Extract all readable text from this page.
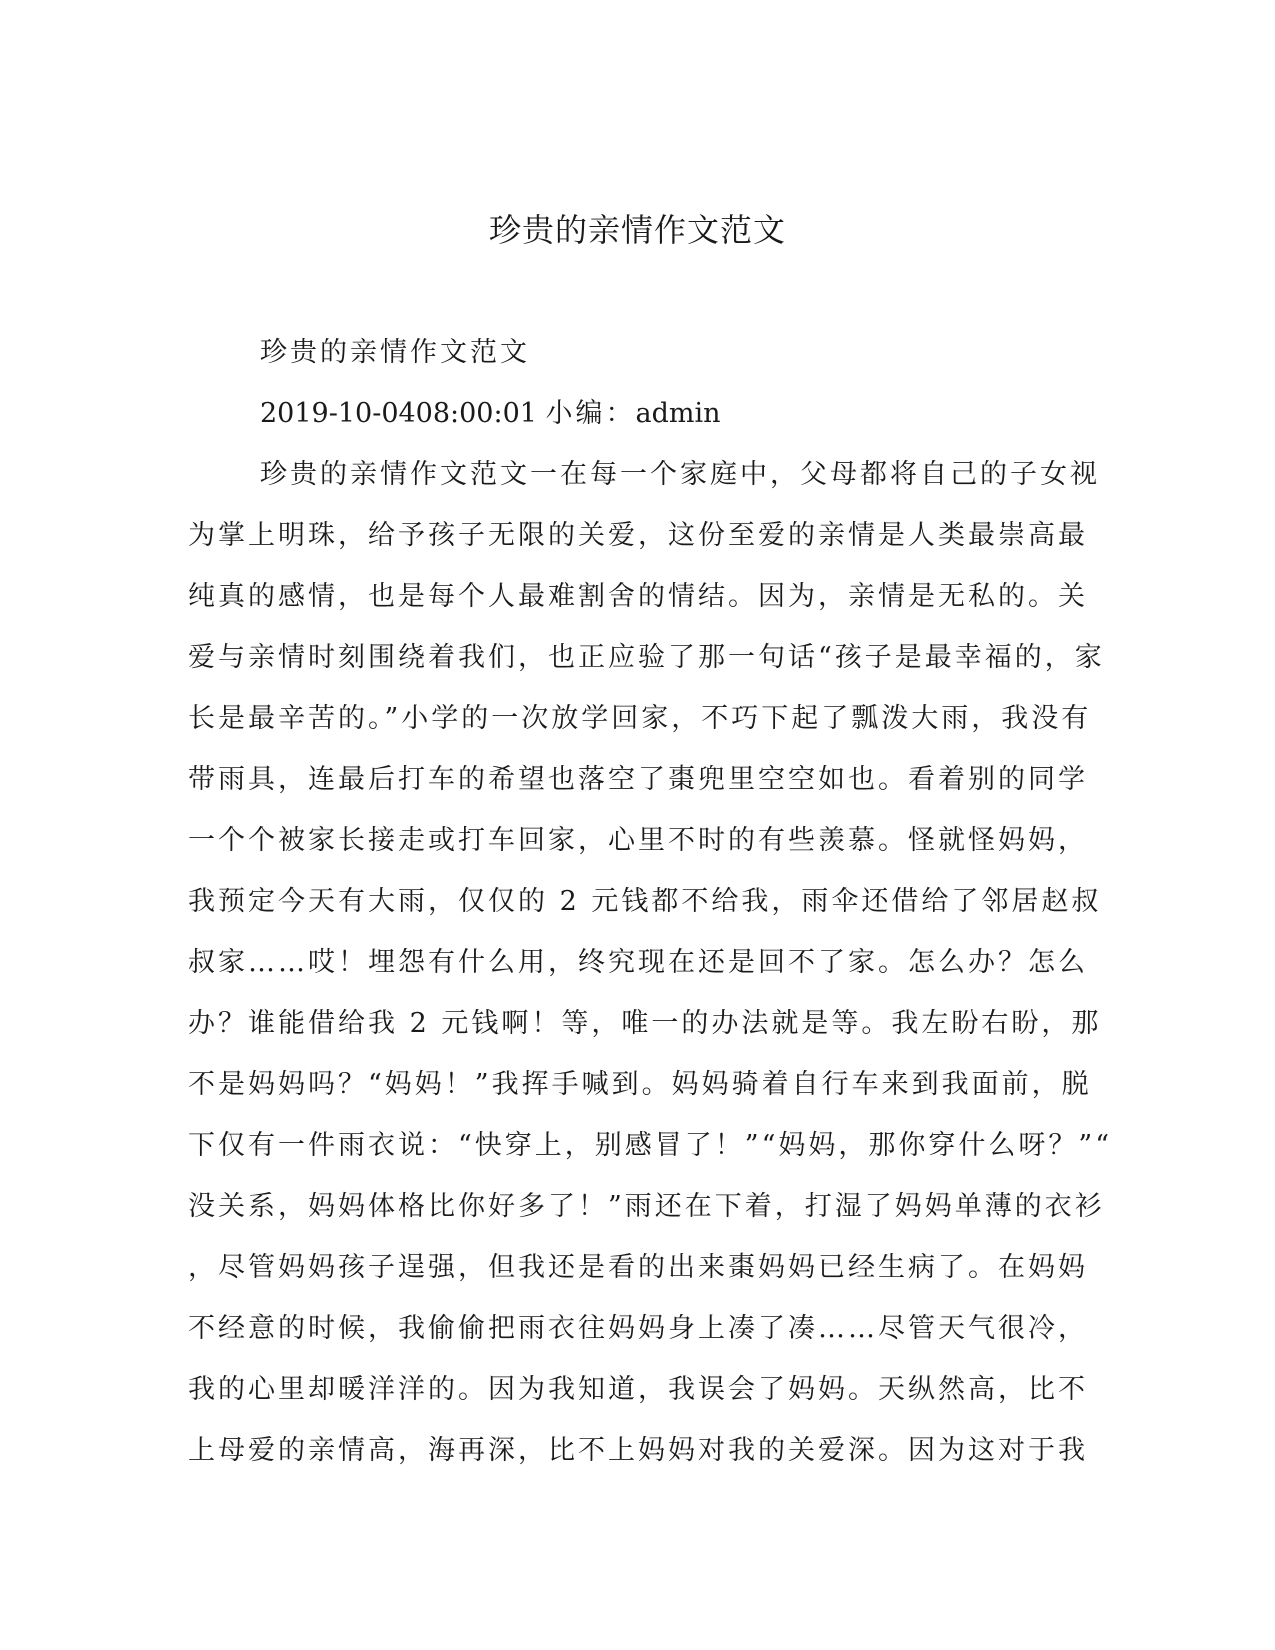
珍贵的亲情作文范文

珍贵的亲情作文范文

2019-10-0408:00:01 小编：admin

珍贵的亲情作文范文一在每一个家庭中，父母都将自己的子女视
为掌上明珠，给予孩子无限的关爱，这份至爱的亲情是人类最崇高最
纯真的感情，也是每个人最难割舍的情结。因为，亲情是无私的。关
爱与亲情时刻围绕着我们，也正应验了那一句话“孩子是最幸福的，家
长是最辛苦的。”小学的一次放学回家，不巧下起了瓢泼大雨，我没有
带雨具，连最后打车的希望也落空了棗兜里空空如也。看着别的同学
一个个被家长接走或打车回家，心里不时的有些羡慕。怪就怪妈妈，
我预定今天有大雨，仅仅的 2 元钱都不给我，雨伞还借给了邻居赵叔
叔家……哎！埋怨有什么用，终究现在还是回不了家。怎么办？怎么
办？谁能借给我 2 元钱啊！等，唯一的办法就是等。我左盼右盼，那
不是妈妈吗？“妈妈！”我挥手喊到。妈妈骑着自行车来到我面前，脱
下仅有一件雨衣说：“快穿上，别感冒了！”“妈妈，那你穿什么呀？”“
没关系，妈妈体格比你好多了！”雨还在下着，打湿了妈妈单薄的衣衫
，尽管妈妈孩子逞强，但我还是看的出来棗妈妈已经生病了。在妈妈
不经意的时候，我偷偷把雨衣往妈妈身上凑了凑……尽管天气很冷，
我的心里却暖洋洋的。因为我知道，我误会了妈妈。天纵然高，比不
上母爱的亲情高，海再深，比不上妈妈对我的关爱深。因为这对于我
